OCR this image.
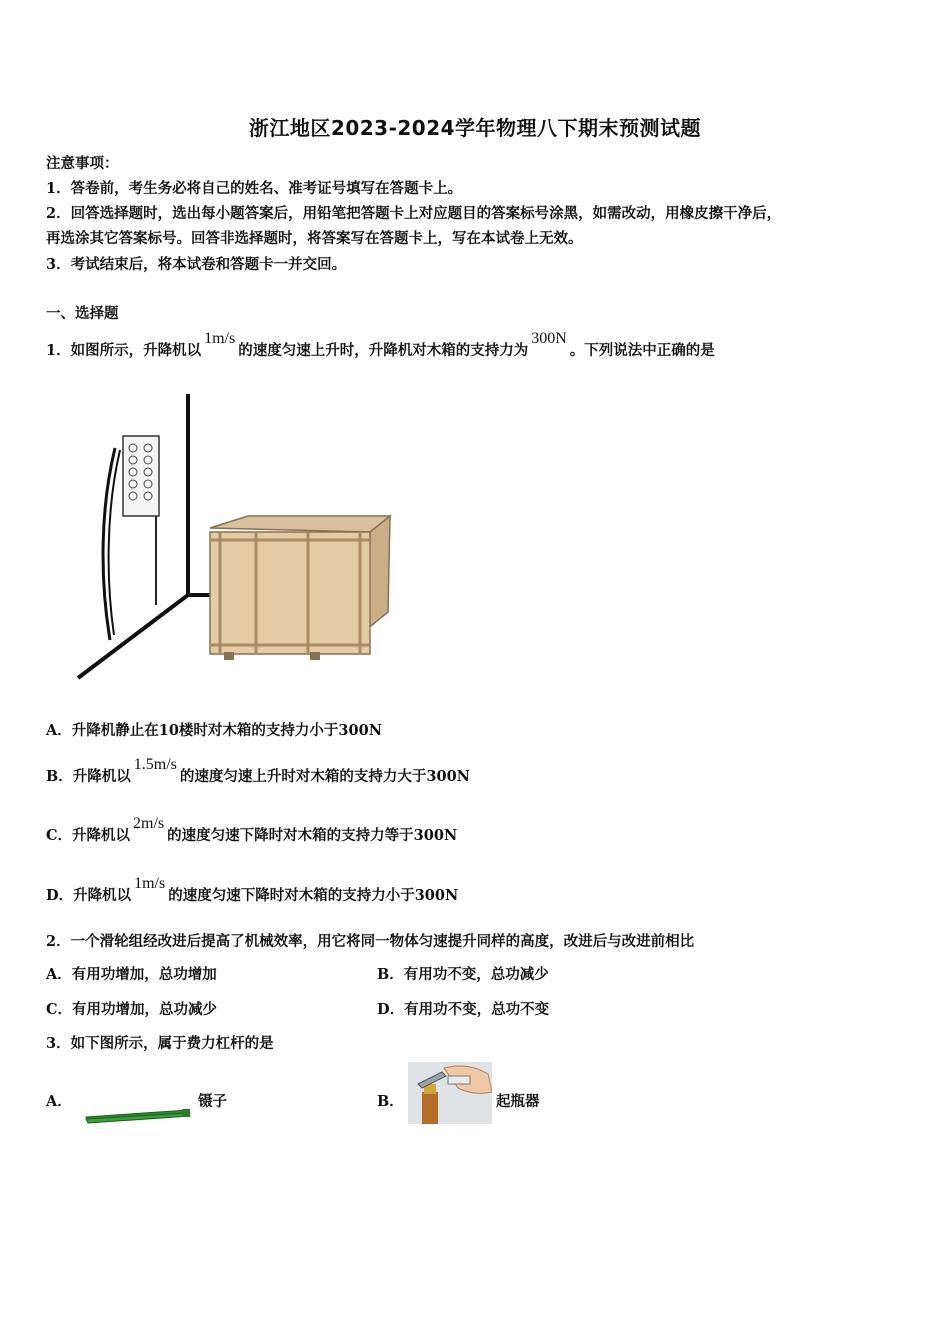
浙江地区2023-2024学年物理八下期末预测试题
注意事项：
1．答卷前，考生务必将自己的姓名、准考证号填写在答题卡上。
2．回答选择题时，选出每小题答案后，用铅笔把答题卡上对应题目的答案标号涂黑，如需改动，用橡皮擦干净后，
再选涂其它答案标号。回答非选择题时，将答案写在答题卡上，写在本试卷上无效。
3．考试结束后，将本试卷和答题卡一并交回。
一、选择题
1．如图所示，升降机以1m/s的速度匀速上升时，升降机对木箱的支持力为300N。下列说法中正确的是
A．升降机静止在10楼时对木箱的支持力小于300N
B．升降机以1.5m/s的速度匀速上升时对木箱的支持力大于300N
C．升降机以2m/s的速度匀速下降时对木箱的支持力等于300N
D．升降机以1m/s的速度匀速下降时对木箱的支持力小于300N
2．一个滑轮组经改进后提高了机械效率，用它将同一物体匀速提升同样的高度，改进后与改进前相比
A．有用功增加，总功增加	B．有用功不变，总功减少
C．有用功增加，总功减少	D．有用功不变，总功不变
3．如下图所示，属于费力杠杆的是
A．	镊子	B．	起瓶器
